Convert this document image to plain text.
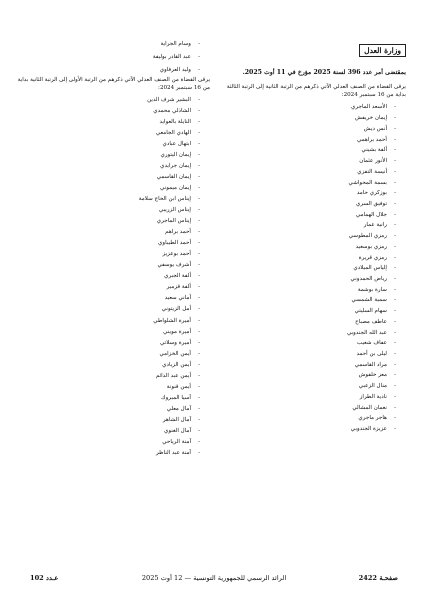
وزارة العدل
بمقتضى أمر عدد 396 لسنة 2025 مؤرخ في 11 أوت 2025.
يرقى القضاة من الصنف العدلي الآتي ذكرهم من الرتبة الثانية إلى الرتبة الثالثة بداية من 16 سبتمبر 2024:
-الأسعد الماجري
-إيمان خريفش
-أنس ديش
-أحمد براهمي
-ألفة بشيني
-الأنور عثمان
-أنيسة التفزي
-بسمة المحواشي
-بوزكري حامد
-توفيق السري
-جلال الهمامي
-رانية عمار
-رمزي المطوسي
-رمزي بوسعيد
-رمزي قريرة
-إلياس الميلادي
-رياض الحمدوني
-سارة بوشمة
-سمية الشمسي
-سهام السليتي
-عاطف مصباح
-عبد الله الجندوبي
-عفاف شعيب
-ليلى بن أحمد
-مراد القاسمي
-معز خلفوش
-منال الزعبي
-نادية الطراز
-نعمان المشالي
-هاجر ماجري
-عزيزة الجندوبي
-وسام الجراية
-عبد القادر بوليفة
-وليد العرفاوي
يرقى القضاة من الصنف العدلي الآتي ذكرهم من الرتبة الأولى إلى الرتبة الثانية بداية من 16 سبتمبر 2024:
-البشير شرف الدين
-الشاذلي محمدي
-النايلة بالعوايد
-الهادي الجامعي
-ابتهال عبادي
-إيمان اليتوري
-إيمان جرايدي
-إيمان القاسمي
-إيمان ميموني
-إيناس ابن الحاج سلامة
-إيناس الزريبي
-إيناس الماجري
-أحمد براهم
-أحمد الطيباوي
-أحمد بوعزيز
-أشرف يوسفي
-ألفة الجبري
-ألفة قزمير
-أماني سعيد
-أمل الزيتوني
-أميرة الشلواطي
-أميرة مويني
-أميرة وسلاتي
-أيمن الخزامي
-أيمن الزيادي
-أيمن عبد الدائم
-أيمن قنونة
-آسيا المبروك
-آمال معلي
-آمال الشاهر
-آمال الغنوي
-آمنة الرياحي
-آمنة عبد الناظر
صفحـة 2422
الرائد الرسمي للجمهورية التونسية — 12 أوت 2025
عـدد 102
